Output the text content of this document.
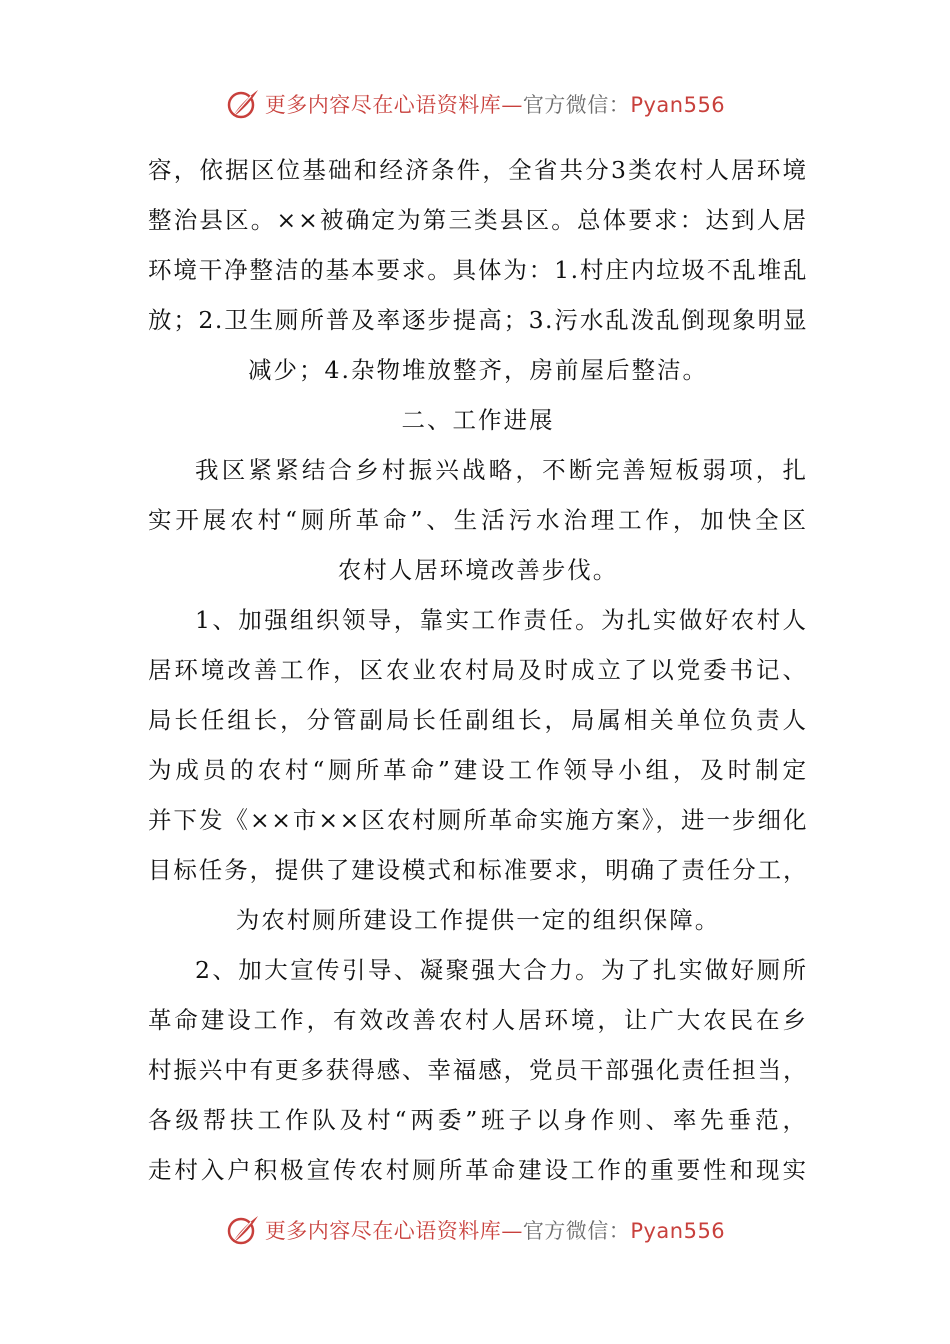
更多内容尽在心语资料库—官方微信：Pyan556
容，依据区位基础和经济条件，全省共分3类农村人居环境
整治县区。××被确定为第三类县区。总体要求：达到人居
环境干净整洁的基本要求。具体为：1.村庄内垃圾不乱堆乱
放；2.卫生厕所普及率逐步提高；3.污水乱泼乱倒现象明显
减少；4.杂物堆放整齐，房前屋后整洁。
二、工作进展
我区紧紧结合乡村振兴战略，不断完善短板弱项，扎
实开展农村“厕所革命”、生活污水治理工作，加快全区
农村人居环境改善步伐。
1、加强组织领导，靠实工作责任。为扎实做好农村人
居环境改善工作，区农业农村局及时成立了以党委书记、
局长任组长，分管副局长任副组长，局属相关单位负责人
为成员的农村“厕所革命”建设工作领导小组，及时制定
并下发《××市××区农村厕所革命实施方案》，进一步细化
目标任务，提供了建设模式和标准要求，明确了责任分工，
为农村厕所建设工作提供一定的组织保障。
2、加大宣传引导、凝聚强大合力。为了扎实做好厕所
革命建设工作，有效改善农村人居环境，让广大农民在乡
村振兴中有更多获得感、幸福感，党员干部强化责任担当，
各级帮扶工作队及村“两委”班子以身作则、率先垂范，
走村入户积极宣传农村厕所革命建设工作的重要性和现实
更多内容尽在心语资料库—官方微信：Pyan556
